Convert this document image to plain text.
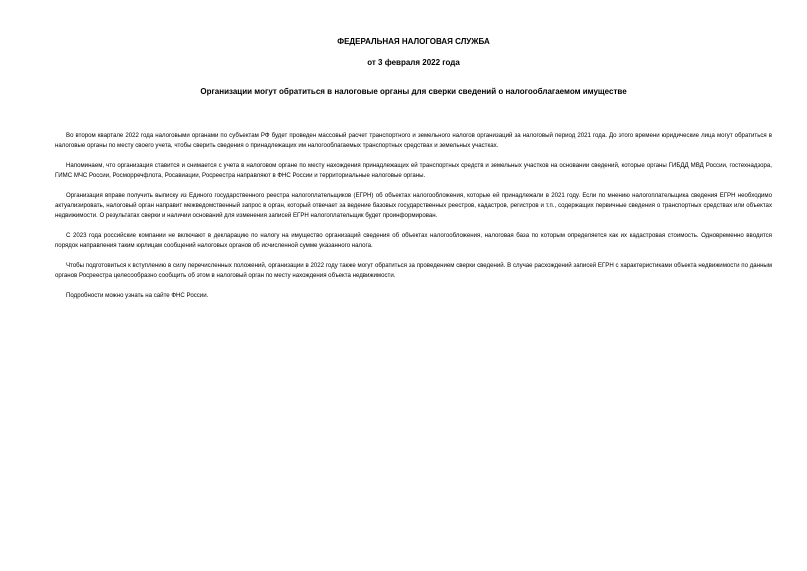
ФЕДЕРАЛЬНАЯ НАЛОГОВАЯ СЛУЖБА
от 3 февраля 2022 года
Организации могут обратиться в налоговые органы для сверки сведений о налогооблагаемом имуществе

Во втором квартале 2022 года налоговыми органами по субъектам РФ будет проведен массовый расчет транспортного и земельного налогов организаций за налоговый период 2021 года. До этого времени юридические лица могут обратиться в налоговые органы по месту своего учета, чтобы сверить сведения о принадлежащих им налогооблагаемых транспортных средствах и земельных участках.

Напоминаем, что организация ставится и снимается с учета в налоговом органе по месту нахождения принадлежащих ей транспортных средств и земельных участков на основании сведений, которые органы ГИБДД МВД России, гостехнадзора, ГИМС МЧС России, Росморречфлота, Росавиации, Росреестра направляют в ФНС России и территориальные налоговые органы.

Организация вправе получить выписку из Единого государственного реестра налогоплательщиков (ЕГРН) об объектах налогообложения, которые ей принадлежали в 2021 году. Если по мнению налогоплательщика сведения ЕГРН необходимо актуализировать, налоговый орган направит межведомственный запрос в орган, который отвечает за ведение базовых государственных реестров, кадастров, регистров и т.п., содержащих первичные сведения о транспортных средствах или объектах недвижимости. О результатах сверки и наличии оснований для изменения записей ЕГРН налогоплательщик будет проинформирован.

С 2023 года российские компании не включают в декларацию по налогу на имущество организаций сведения об объектах налогообложения, налоговая база по которым определяется как их кадастровая стоимость. Одновременно вводится порядок направления таким юрлицам сообщений налоговых органов об исчисленной сумме указанного налога.

Чтобы подготовиться к вступлению в силу перечисленных положений, организации в 2022 году также могут обратиться за проведением сверки сведений. В случае расхождений записей ЕГРН с характеристиками объекта недвижимости по данным органов Росреестра целесообразно сообщить об этом в налоговый орган по месту нахождения объекта недвижимости.

Подробности можно узнать на сайте ФНС России.
